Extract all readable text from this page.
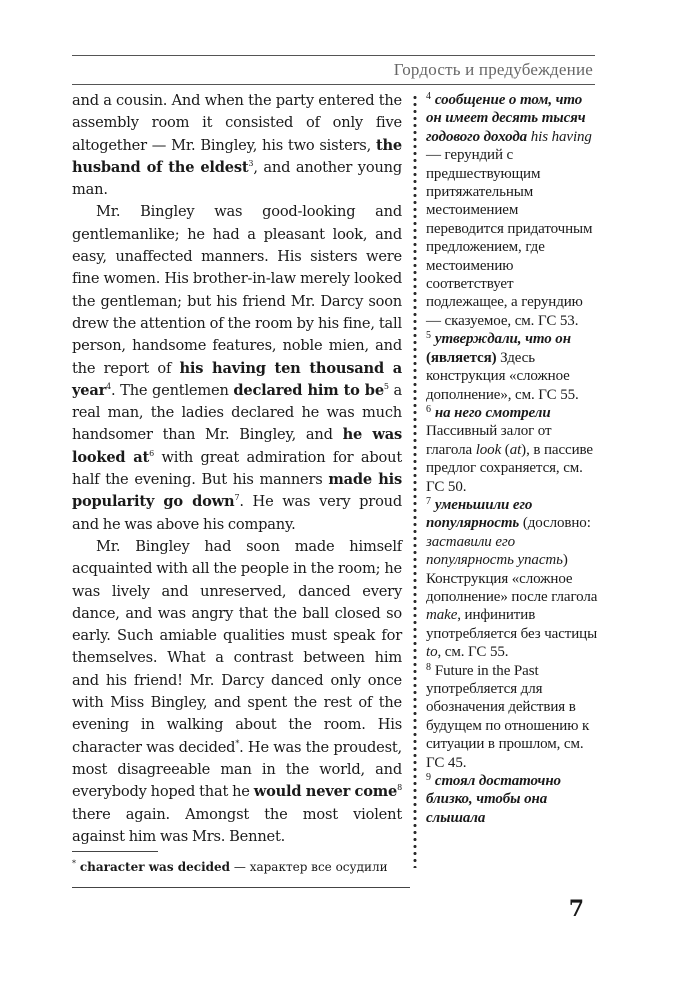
Гордость и предубеждение

and a cousin. And when the party entered the assembly room it consisted of only five altogether — Mr. Bingley, his two sisters, the husband of the eldest$^3$, and another young man.

Mr. Bingley was good-looking and gentlemanlike; he had a pleasant look, and easy, unaffected manners. His sisters were fine women. His brother-in-law merely looked the gentleman; but his friend Mr. Darcy soon drew the attention of the room by his fine, tall person, handsome features, noble mien, and the report of his having ten thousand a year$^4$. The gentlemen declared him to $be^5$ a real man, the ladies declared he was much handsomer than Mr. Bingley, and he was looked $at^6$ with great admiration for about half the evening. But his manners made his popularity go down$^7$. He was very proud and he was above his company.

Mr. Bingley had soon made himself acquainted with all the people in the room; he was lively and unreserved, danced every dance, and was angry that the ball closed so early. Such amiable qualities must speak for themselves. What a contrast between him and his friend! Mr. Darcy danced only once with Miss Bingley, and spent the rest of the evening in walking about the room. His character was decided*. He was the proudest, most disagreeable man in the world, and everybody hoped that he would never come$^8$ there again. Amongst the most violent against him was Mrs. Bennet.

$^4$ сообщение о том, что он имеет десять тысяч годового дохода his having — герундий с предшествующим притяжательным местоимением переводится придаточным предложением, где местоимению соответствует подлежащее, а герундию — сказуемое, см. ГС 53.

$^5$ утверждали, что он (является) Здесь конструкция «сложное дополнение», см. ГС 55.

$^6$ на него смотрели Пассивный залог от глагола look (at), в пассиве предлог сохраняется, см. ГС 50.

$^7$ уменьшили его популярность (дословно: заставили его популярность упасть) Конструкция «сложное дополнение» после глагола make, инфинитив употребляется без частицы to, см. ГС 55.

$^8$ Future in the Past употребляется для обозначения действия в будущем по отношению к ситуации в прошлом, см. ГС 45.

$^9$ стоял достаточно близко, чтобы она слышала

* character was decided — характер все осудили
7
